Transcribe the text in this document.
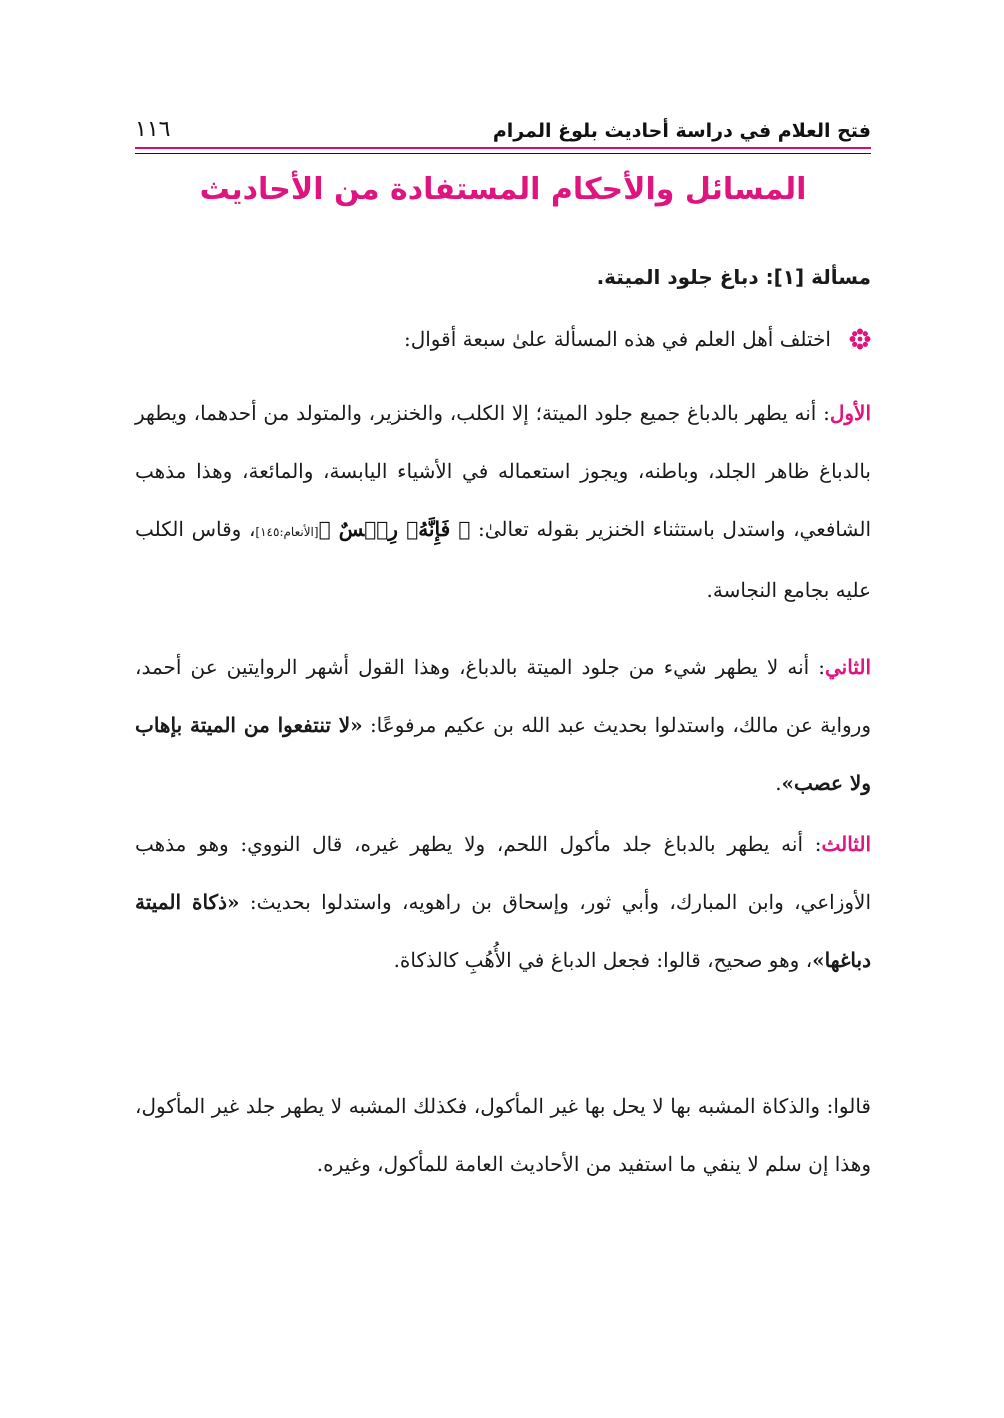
فتح العلام في دراسة أحاديث بلوغ المرام
١١٦
المسائل والأحكام المستفادة من الأحاديث
مسألة [١]: دباغ جلود الميتة.
اختلف أهل العلم في هذه المسألة علىٰ سبعة أقوال:

الأول: أنه يطهر بالدباغ جميع جلود الميتة؛ إلا الكلب، والخنزير، والمتولد من أحدهما، ويطهر بالدباغ ظاهر الجلد، وباطنه، ويجوز استعماله في الأشياء اليابسة، والمائعة، وهذا مذهب الشافعي، واستدل باستثناء الخنزير بقوله تعالىٰ: ﴿ فَإِنَّهُۥ رِجۡسٌ ﴾[الأنعام:١٤٥]، وقاس الكلب عليه بجامع النجاسة.

الثاني: أنه لا يطهر شيء من جلود الميتة بالدباغ، وهذا القول أشهر الروايتين عن أحمد، ورواية عن مالك، واستدلوا بحديث عبد الله بن عكيم مرفوعًا: «لا تنتفعوا من الميتة بإهاب ولا عصب».

الثالث: أنه يطهر بالدباغ جلد مأكول اللحم، ولا يطهر غيره، قال النووي: وهو مذهب الأوزاعي، وابن المبارك، وأبي ثور، وإسحاق بن راهويه، واستدلوا بحديث: «ذكاة الميتة دباغها»، وهو صحيح، قالوا: فجعل الدباغ في الأُهُبِ كالذكاة.

قالوا: والذكاة المشبه بها لا يحل بها غير المأكول، فكذلك المشبه لا يطهر جلد غير المأكول، وهذا إن سلم لا ينفي ما استفيد من الأحاديث العامة للمأكول، وغيره.
